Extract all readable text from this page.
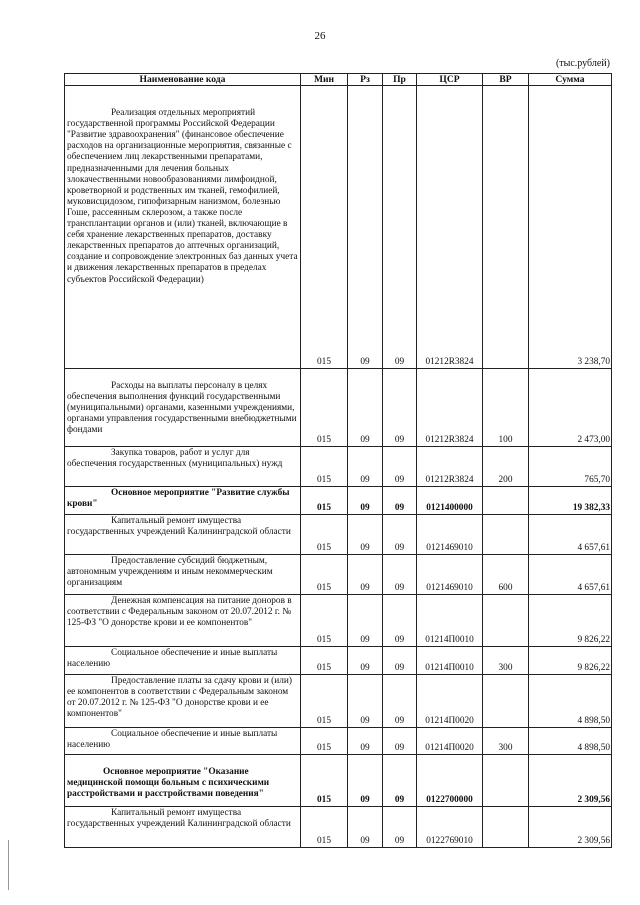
26
(тыс.рублей)
Наименование кода	Мин	Рз	Пр	ЦСР	ВР	Сумма
Реализация отдельных мероприятий государственной программы Российской Федерации "Развитие здравоохранения" (финансовое обеспечение расходов на организационные мероприятия, связанные с обеспечением лиц лекарственными препаратами, предназначенными для лечения больных злокачественными новообразованиями лимфоидной, кроветворной и родственных им тканей, гемофилией, муковисцидозом, гипофизарным нанизмом, болезнью Гоше, рассеянным склерозом, а также после трансплантации органов и (или) тканей, включающие в себя хранение лекарственных препаратов, доставку лекарственных препаратов до аптечных организаций, создание и сопровождение электронных баз данных учета и движения лекарственных препаратов в пределах субъектов Российской Федерации)	015	09	09	01212R3824		3 238,70
Расходы на выплаты персоналу в целях обеспечения выполнения функций государственными (муниципальными) органами, казенными учреждениями, органами управления государственными внебюджетными фондами	015	09	09	01212R3824	100	2 473,00
Закупка товаров, работ и услуг для обеспечения государственных (муниципальных) нужд	015	09	09	01212R3824	200	765,70
Основное мероприятие "Развитие службы крови"	015	09	09	0121400000		19 382,33
Капитальный ремонт имущества государственных учреждений Калининградской области	015	09	09	0121469010		4 657,61
Предоставление субсидий бюджетным, автономным учреждениям и иным некоммерческим организациям	015	09	09	0121469010	600	4 657,61
Денежная компенсация на питание доноров в соответствии с Федеральным законом от 20.07.2012 г. № 125-ФЗ "О донорстве крови и ее компонентов"	015	09	09	01214П0010		9 826,22
Социальное обеспечение и иные выплаты населению	015	09	09	01214П0010	300	9 826,22
Предоставление платы за сдачу крови и (или) ее компонентов в соответствии с Федеральным законом от 20.07.2012 г. № 125-ФЗ "О донорстве крови и ее компонентов"	015	09	09	01214П0020		4 898,50
Социальное обеспечение и иные выплаты населению	015	09	09	01214П0020	300	4 898,50
Основное мероприятие "Оказание медицинской помощи больным с психическими расстройствами и расстройствами поведения"	015	09	09	0122700000		2 309,56
Капитальный ремонт имущества государственных учреждений Калининградской области	015	09	09	0122769010		2 309,56
